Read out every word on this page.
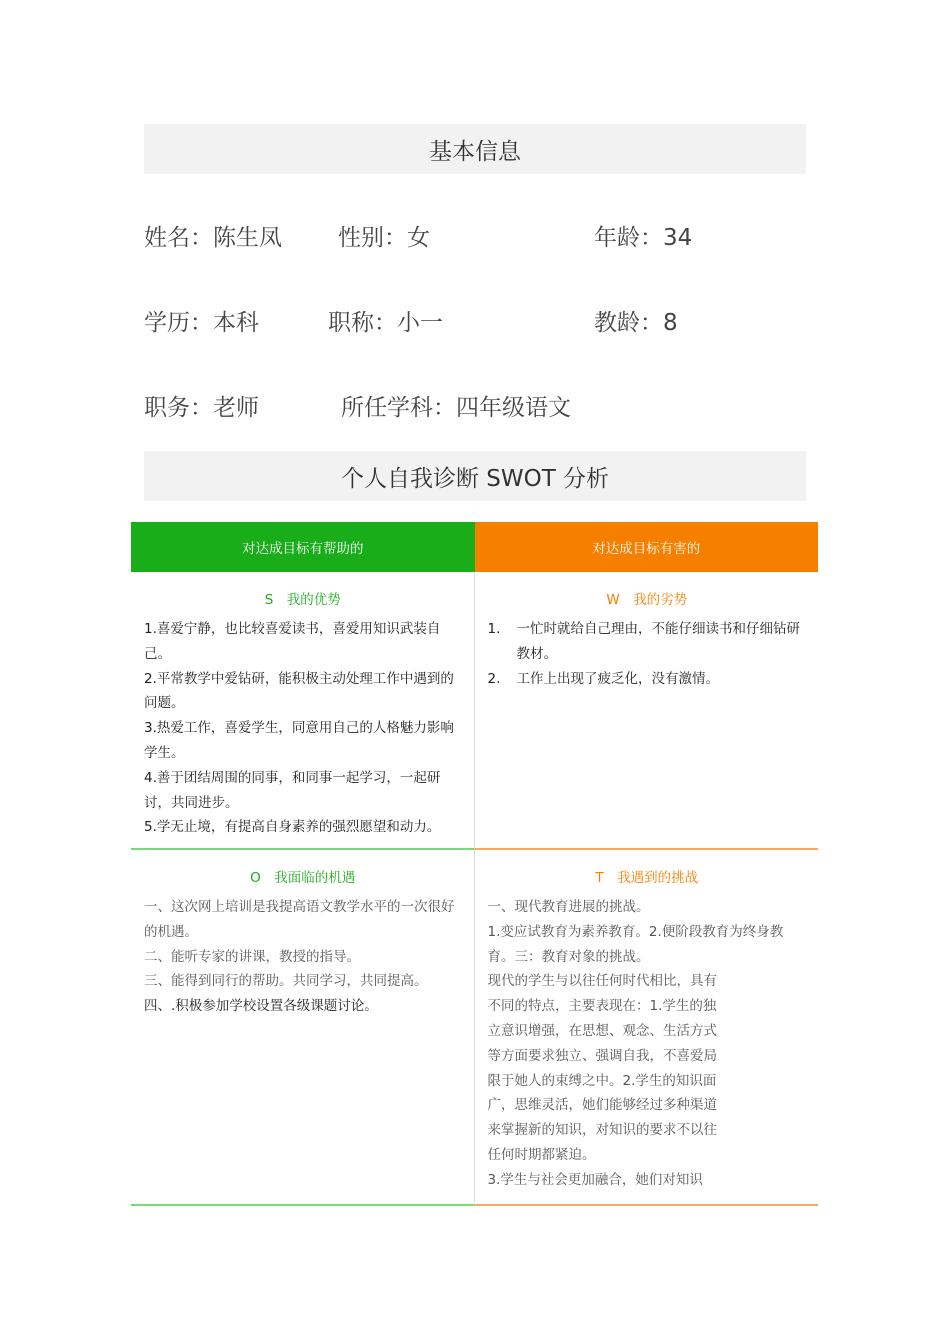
基本信息
姓名：陈生凤 性别：女	年龄：34
学历：本科	职称：小一	教龄：8
职务：老师	所任学科：四年级语文
个人自我诊断 SWOT 分析
对达成目标有帮助的	对达成目标有害的
S　我的优势

1.喜爱宁静，也比较喜爱读书，喜爱用知识武装自己。

2.平常教学中爱钻研，能积极主动处理工作中遇到的问题。

3.热爱工作，喜爱学生，同意用自己的人格魅力影响学生。

4.善于团结周围的同事，和同事一起学习，一起研讨，共同进步。

5.学无止境，有提高自身素养的强烈愿望和动力。

W　我的劣势
1.	一忙时就给自己理由，不能仔细读书和仔细钻研教材。
2.	工作上出现了疲乏化，没有激情。
O　我面临的机遇

一、这次网上培训是我提高语文教学水平的一次很好的机遇。

二、能听专家的讲课，教授的指导。

三、能得到同行的帮助。共同学习，共同提高。

四、.积极参加学校设置各级课题讨论。

T　我遇到的挑战

一、现代教育进展的挑战。

1.变应试教育为素养教育。2.便阶段教育为终身教育。三：教育对象的挑战。

现代的学生与以往任何时代相比，具有不同的特点，主要表现在：1.学生的独立意识增强，在思想、观念、生活方式等方面要求独立、强调自我，不喜爱局限于她人的束缚之中。2.学生的知识面广，思维灵活，她们能够经过多种渠道来掌握新的知识，对知识的要求不以往任何时期都紧迫。

3.学生与社会更加融合，她们对知识
